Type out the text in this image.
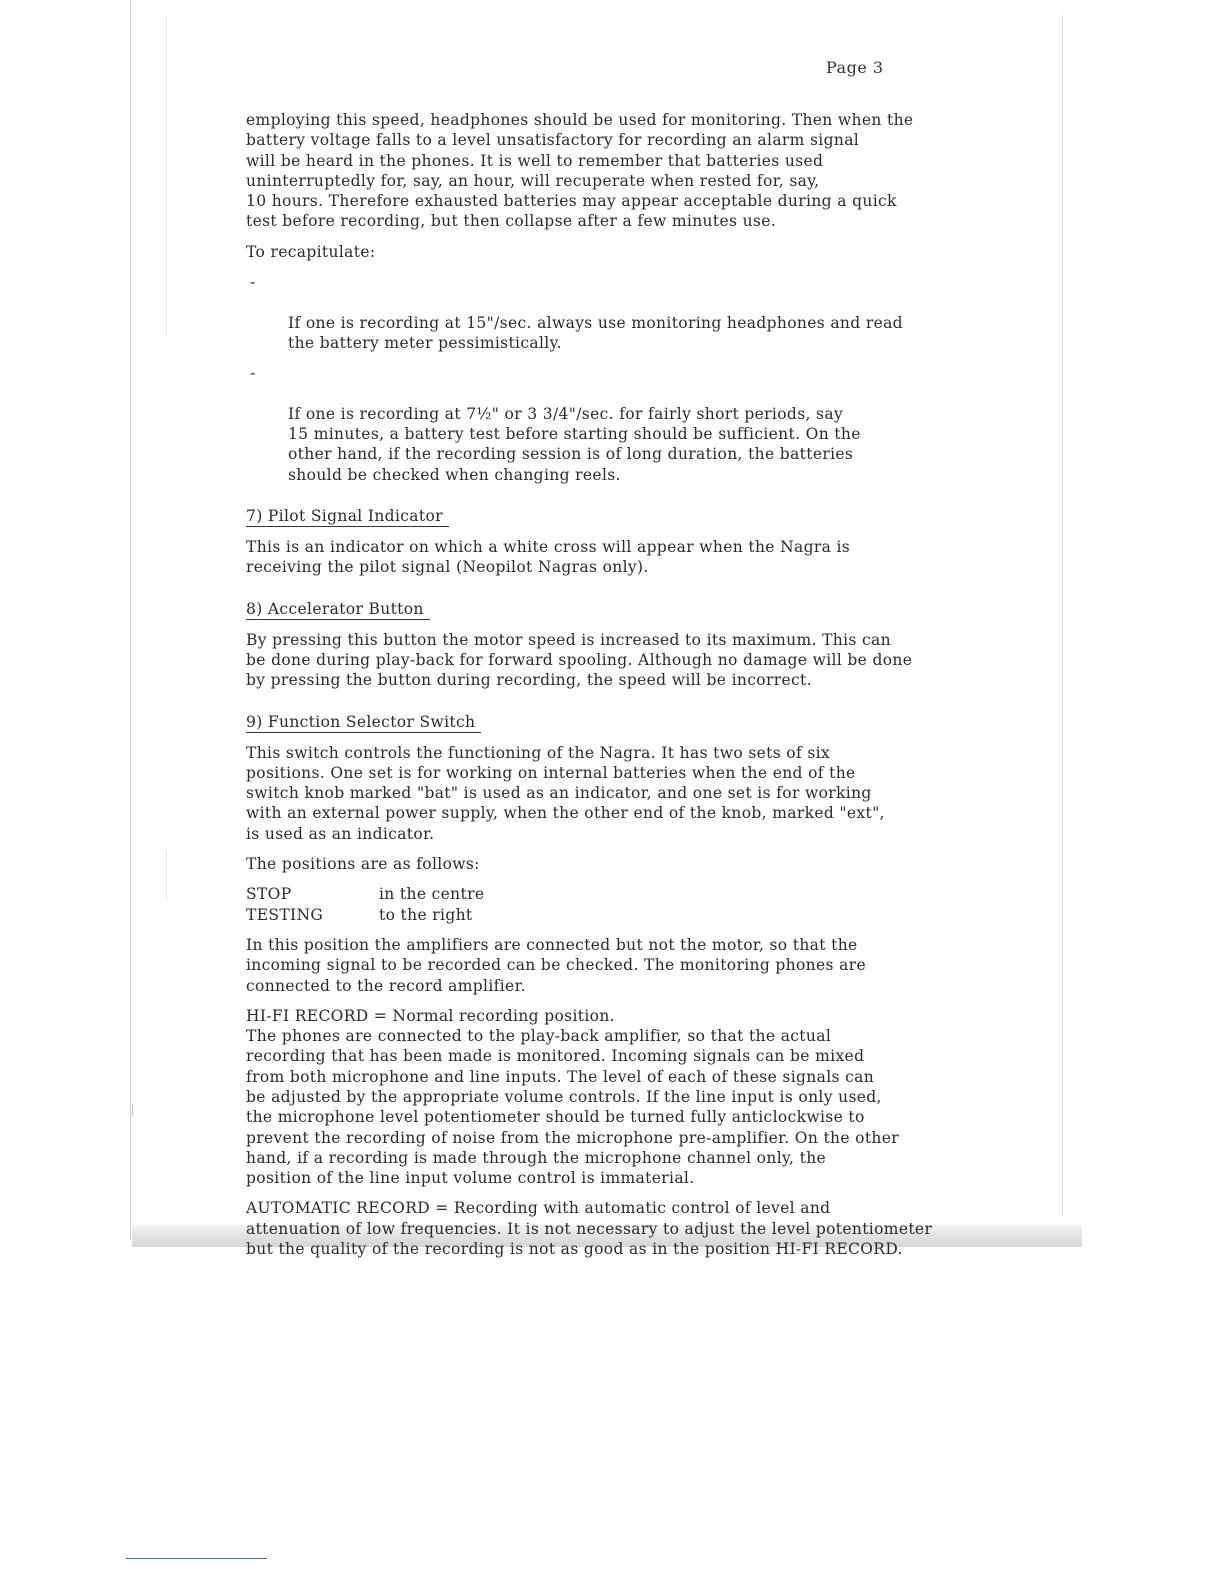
Page 3

employing this speed, headphones should be used for monitoring. Then when the
battery voltage falls to a level unsatisfactory for recording an alarm signal
will be heard in the phones. It is well to remember that batteries used
uninterruptedly for, say, an hour, will recuperate when rested for, say,
10 hours. Therefore exhausted batteries may appear acceptable during a quick
test before recording, but then collapse after a few minutes use.

To recapitulate:

-

If one is recording at 15"/sec. always use monitoring headphones and read
the battery meter pessimistically.

-

If one is recording at 7½" or 3 3/4"/sec. for fairly short periods, say
15 minutes, a battery test before starting should be sufficient. On the
other hand, if the recording session is of long duration, the batteries
should be checked when changing reels.

7) Pilot Signal Indicator

This is an indicator on which a white cross will appear when the Nagra is
receiving the pilot signal (Neopilot Nagras only).

8) Accelerator Button

By pressing this button the motor speed is increased to its maximum. This can
be done during play-back for forward spooling. Although no damage will be done
by pressing the button during recording, the speed will be incorrect.

9) Function Selector Switch

This switch controls the functioning of the Nagra. It has two sets of six
positions. One set is for working on internal batteries when the end of the
switch knob marked "bat" is used as an indicator, and one set is for working
with an external power supply, when the other end of the knob, marked "ext",
is used as an indicator.

The positions are as follows:

STOP	in the centre
TESTING	to the right

In this position the amplifiers are connected but not the motor, so that the
incoming signal to be recorded can be checked. The monitoring phones are
connected to the record amplifier.

HI-FI RECORD = Normal recording position.
The phones are connected to the play-back amplifier, so that the actual
recording that has been made is monitored. Incoming signals can be mixed
from both microphone and line inputs. The level of each of these signals can
be adjusted by the appropriate volume controls. If the line input is only used,
the microphone level potentiometer should be turned fully anticlockwise to
prevent the recording of noise from the microphone pre-amplifier. On the other
hand, if a recording is made through the microphone channel only, the
position of the line input volume control is immaterial.

AUTOMATIC RECORD = Recording with automatic control of level and
attenuation of low frequencies. It is not necessary to adjust the level potentiometer
but the quality of the recording is not as good as in the position HI-FI RECORD.
